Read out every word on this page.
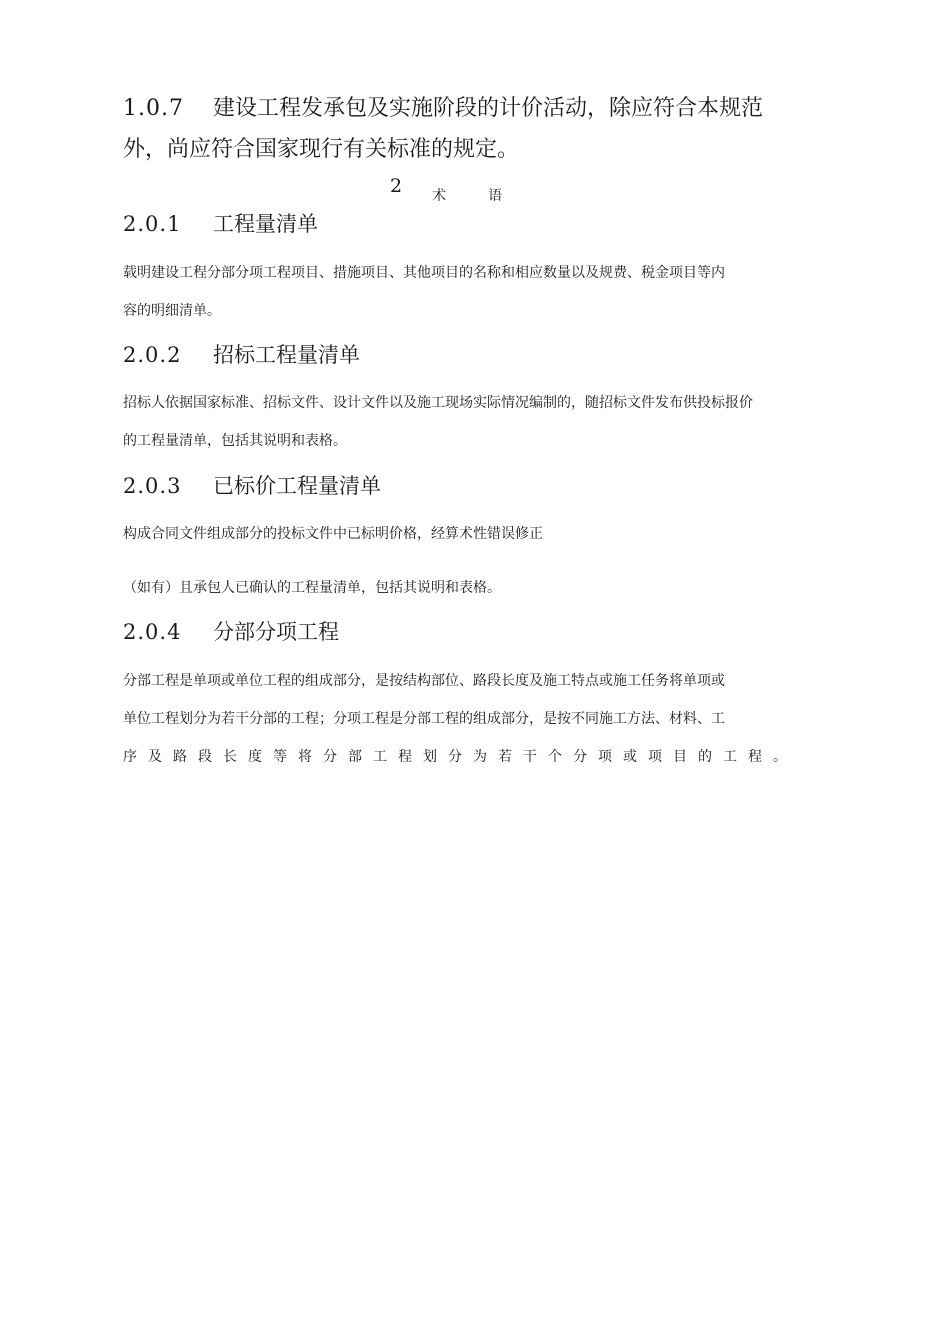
1.0.7 建设工程发承包及实施阶段的计价活动，除应符合本规范
外，尚应符合国家现行有关标准的规定。
2 术	语
2.0.1 工程量清单
载明建设工程分部分项工程项目、措施项目、其他项目的名称和相应数量以及规费、税金项目等内
容的明细清单。
2.0.2 招标工程量清单
招标人依据国家标准、招标文件、设计文件以及施工现场实际情况编制的，随招标文件发布供投标报价
的工程量清单，包括其说明和表格。
2.0.3 已标价工程量清单
构成合同文件组成部分的投标文件中已标明价格，经算术性错误修正
（如有）且承包人已确认的工程量清单，包括其说明和表格。
2.0.4 分部分项工程
分部工程是单项或单位工程的组成部分，是按结构部位、路段长度及施工特点或施工任务将单项或
单位工程划分为若干分部的工程；分项工程是分部工程的组成部分，是按不同施工方法、材料、工
序 及 路 段 长 度 等 将 分 部 工 程 划 分 为 若 干 个 分 项 或 项 目 的 工 程 。
